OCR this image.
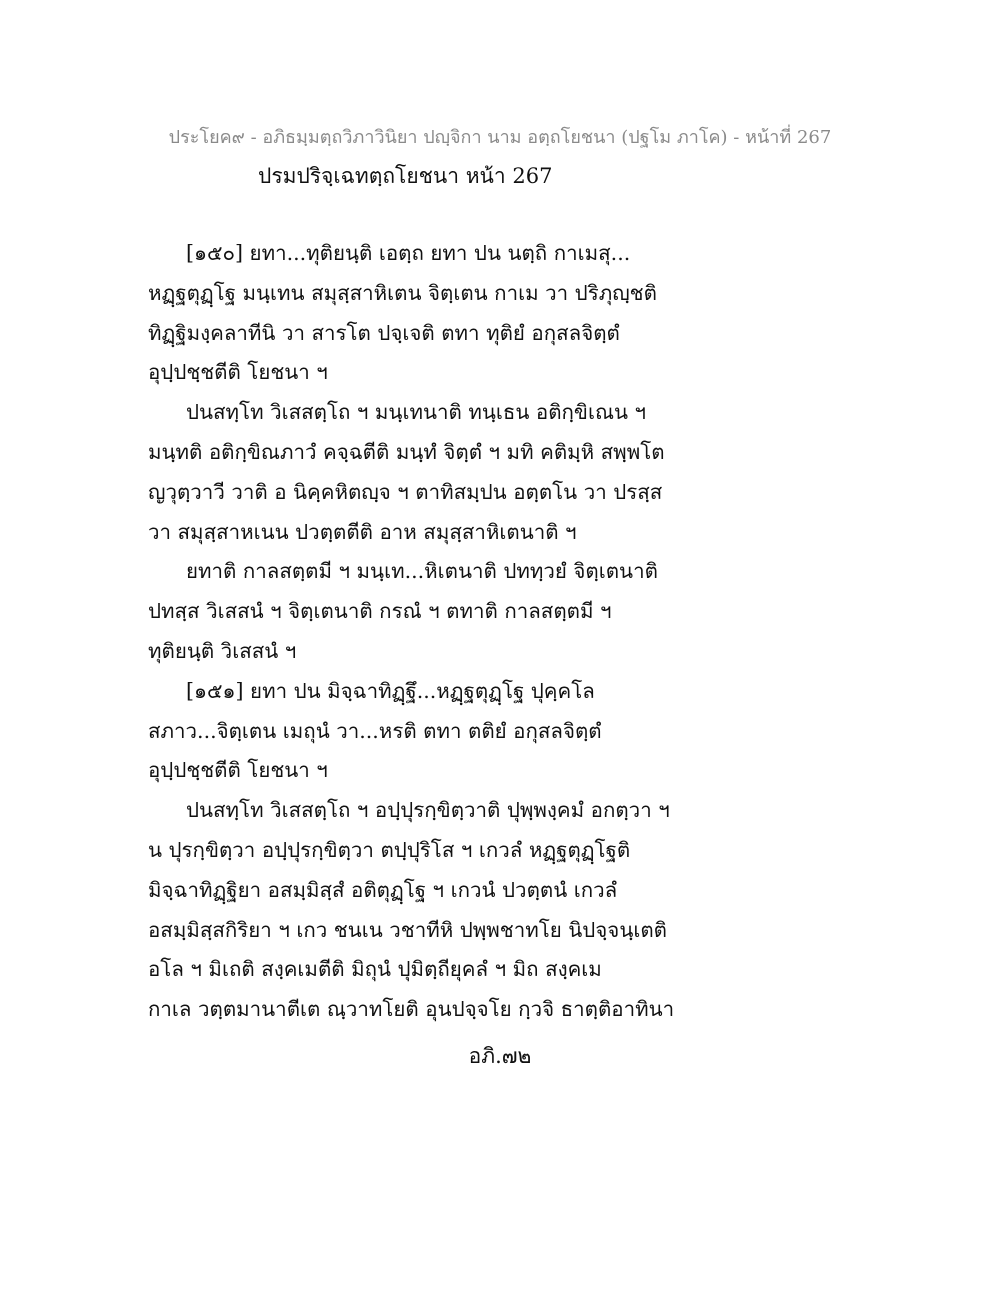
ประโยค๙ - อภิธมฺมตฺถวิภาวินิยา ปญฺจิกา นาม อตฺถโยชนา (ปฐโม ภาโค) - หน้าที่ 267
ปรมปริจฺเฉทตฺถโยชนา หน้า 267
[๑๕๐] ยทา...ทุติยนฺติ เอตฺถ ยทา ปน นตฺถิ กาเมสุ...
หฏฺฐตุฏฺโฐ มนฺเทน สมุสฺสาหิเตน จิตฺเตน กาเม วา ปริภุญฺชติ
ทิฏฺฐิมงฺคลาทีนิ วา สารโต ปจฺเจติ ตทา ทุติยํ อกุสลจิตฺตํ
อุปฺปชฺชตีติ โยชนา ฯ
ปนสทฺโท วิเสสตฺโถ ฯ มนฺเทนาติ ทนฺเธน อติกฺขิเณน ฯ
มนฺทติ อติกฺขิณภาวํ คจฺฉตีติ มนฺทํ จิตฺตํ ฯ มทิ คติมฺหิ สพฺพโต
ญวุตฺวาวี วาติ อ นิคฺคหิตญฺจ ฯ ตาทิสมฺปน อตฺตโน วา ปรสฺส
วา สมุสฺสาหเนน ปวตฺตตีติ อาห สมุสฺสาหิเตนาติ ฯ
ยทาติ กาลสตฺตมี ฯ มนฺเท...หิเตนาติ ปททฺวยํ จิตฺเตนาติ
ปทสฺส วิเสสนํ ฯ จิตฺเตนาติ กรณํ ฯ ตทาติ กาลสตฺตมี ฯ
ทุติยนฺติ วิเสสนํ ฯ
[๑๕๑] ยทา ปน มิจฺฉาทิฏฺฐึ...หฏฺฐตุฏฺโฐ ปุคฺคโล
สภาว...จิตฺเตน เมถุนํ วา...หรติ ตทา ตติยํ อกุสลจิตฺตํ
อุปฺปชฺชตีติ โยชนา ฯ
ปนสทฺโท วิเสสตฺโถ ฯ อปฺปุรกฺขิตฺวาติ ปุพฺพงฺคมํ อกตฺวา ฯ
น ปุรกฺขิตฺวา อปฺปุรกฺขิตฺวา ตปฺปุริโส ฯ เกวลํ หฏฺฐตุฏฺโฐติ
มิจฺฉาทิฏฺฐิยา อสมฺมิสฺสํ อติตุฏฺโฐ ฯ เกวนํ ปวตฺตนํ เกวลํ
อสมฺมิสฺสกิริยา ฯ เกว ชนเน วชาทีหิ ปพฺพชาทโย นิปจฺจนฺเตติ
อโล ฯ มิเถติ สงฺคเมตีติ มิถุนํ ปุมิตฺถียุคลํ ฯ มิถ สงฺคเม
กาเล วตฺตมานาตีเต ณฺวาทโยติ อุนปจฺจโย กฺวจิ ธาตฺติอาทินา
อภิ.๗๒
